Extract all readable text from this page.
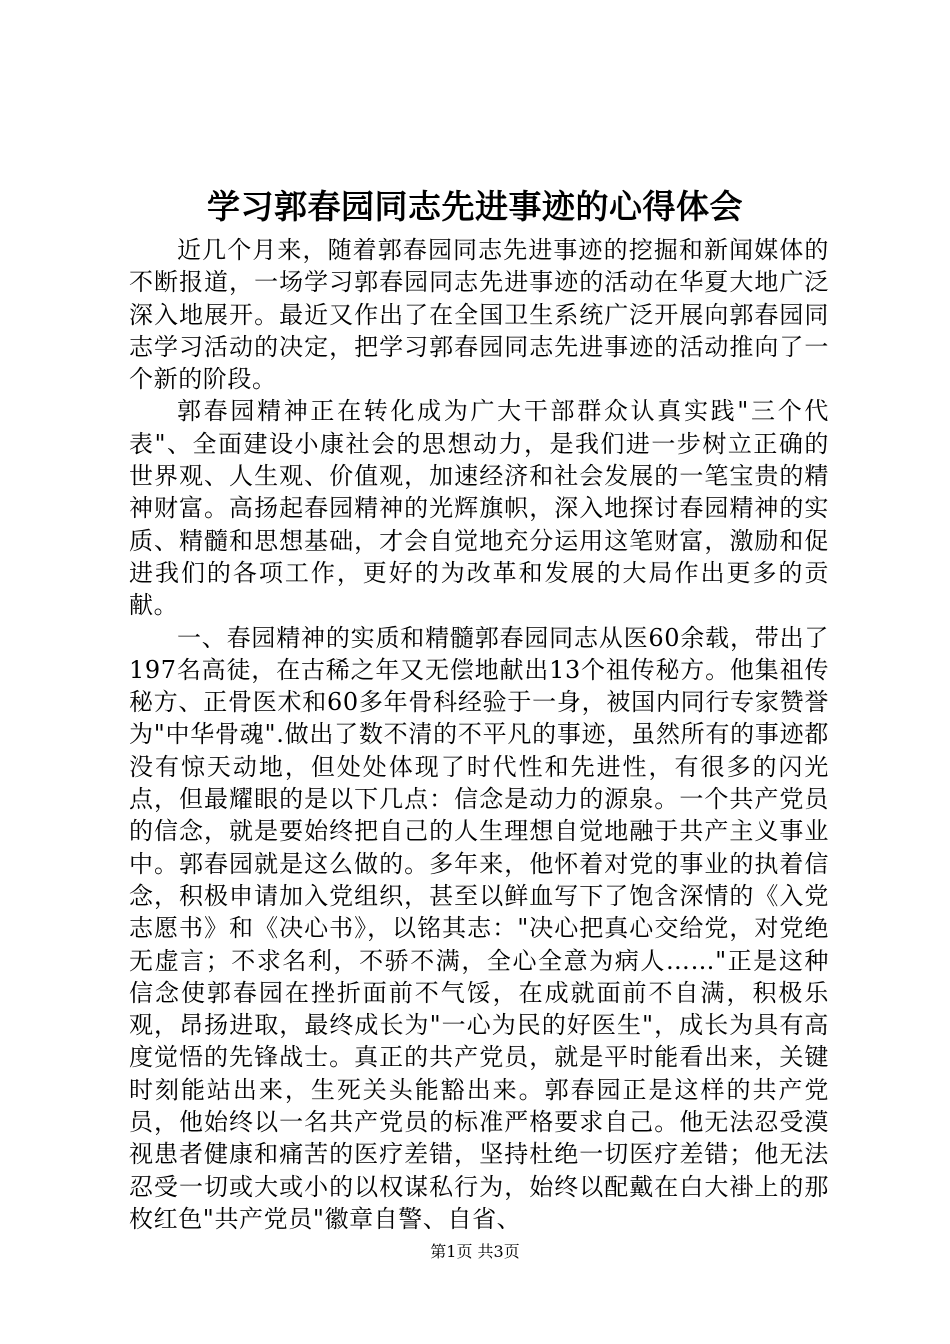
学习郭春园同志先进事迹的心得体会

近几个月来，随着郭春园同志先进事迹的挖掘和新闻媒体的不断报道，一场学习郭春园同志先进事迹的活动在华夏大地广泛深入地展开。最近又作出了在全国卫生系统广泛开展向郭春园同志学习活动的决定，把学习郭春园同志先进事迹的活动推向了一个新的阶段。

郭春园精神正在转化成为广大干部群众认真实践"三个代表"、全面建设小康社会的思想动力，是我们进一步树立正确的世界观、人生观、价值观，加速经济和社会发展的一笔宝贵的精神财富。高扬起春园精神的光辉旗帜，深入地探讨春园精神的实质、精髓和思想基础，才会自觉地充分运用这笔财富，激励和促进我们的各项工作，更好的为改革和发展的大局作出更多的贡献。

一、春园精神的实质和精髓郭春园同志从医60余载，带出了197名高徒，在古稀之年又无偿地献出13个祖传秘方。他集祖传秘方、正骨医术和60多年骨科经验于一身，被国内同行专家赞誉为"中华骨魂".做出了数不清的不平凡的事迹，虽然所有的事迹都没有惊天动地，但处处体现了时代性和先进性，有很多的闪光点，但最耀眼的是以下几点：信念是动力的源泉。一个共产党员的信念，就是要始终把自己的人生理想自觉地融于共产主义事业中。郭春园就是这么做的。多年来，他怀着对党的事业的执着信念，积极申请加入党组织，甚至以鲜血写下了饱含深情的《入党志愿书》和《决心书》，以铭其志："决心把真心交给党，对党绝无虚言；不求名利，不骄不满，全心全意为病人……"正是这种信念使郭春园在挫折面前不气馁，在成就面前不自满，积极乐观，昂扬进取，最终成长为"一心为民的好医生"，成长为具有高度觉悟的先锋战士。真正的共产党员，就是平时能看出来，关键时刻能站出来，生死关头能豁出来。郭春园正是这样的共产党员，他始终以一名共产党员的标准严格要求自己。他无法忍受漠视患者健康和痛苦的医疗差错，坚持杜绝一切医疗差错；他无法忍受一切或大或小的以权谋私行为，始终以配戴在白大褂上的那枚红色"共产党员"徽章自警、自省、

第1页 共3页
